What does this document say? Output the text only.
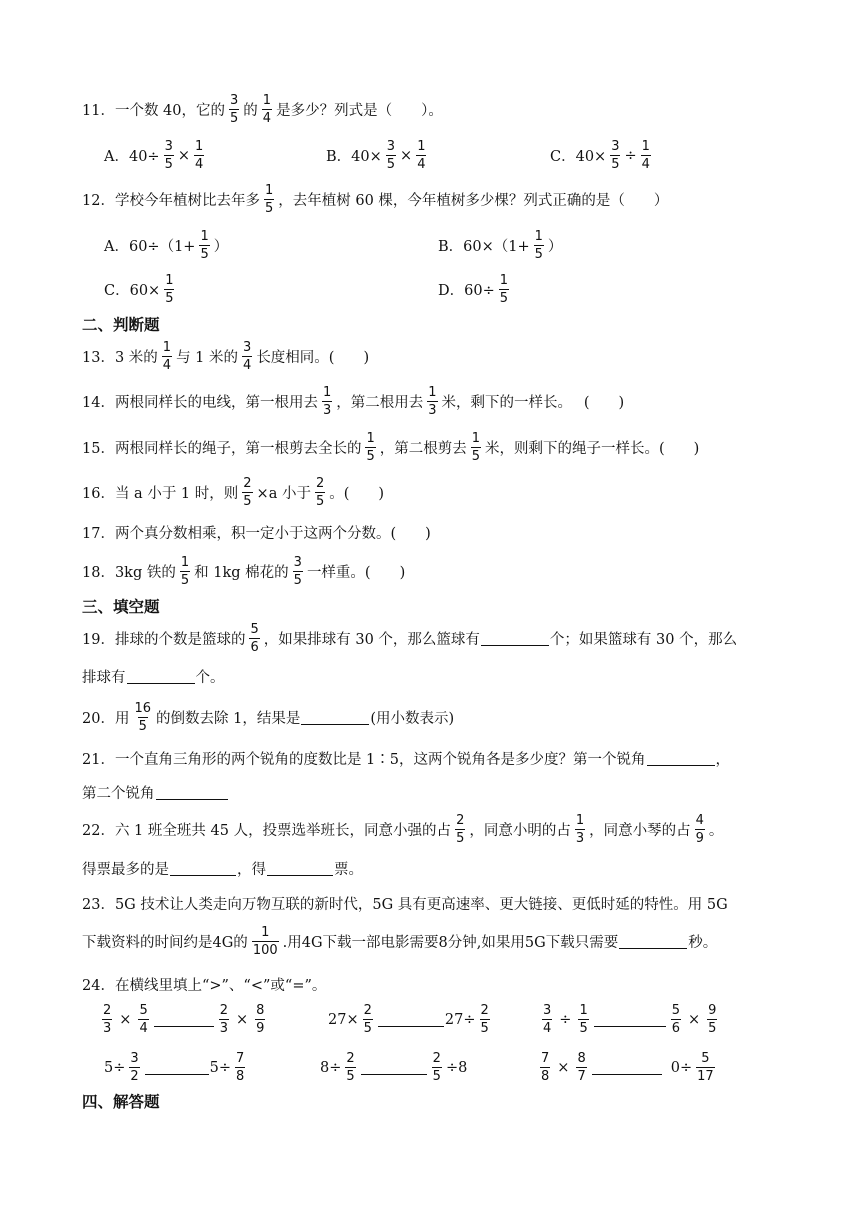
11．一个数 40，它的 $\frac{3}{5}$ 的 $\frac{1}{4}$ 是多少？列式是（　　）。
A．$40\div \frac{3}{5} \times \frac{1}{4}$	B．$40\times \frac{3}{5} \times \frac{1}{4}$	C．$40\times \frac{3}{5} \div \frac{1}{4}$
12．学校今年植树比去年多 $\frac{1}{5}$ ，去年植树 60 棵，今年植树多少棵？列式正确的是（　　）
A．$60\div(1+ \frac{1}{5}$ ）	B．$60\times(1+ \frac{1}{5}$ ）
C．$60\times \frac{1}{5}$	D．$60\div \frac{1}{5}$
二、判断题
13．3 米的 $\frac{1}{4}$ 与 1 米的 $\frac{3}{4}$ 长度相同。(　　)
14．两根同样长的电线，第一根用去 $\frac{1}{3}$ ，第二根用去 $\frac{1}{3}$ 米，剩下的一样长。　 (　　)
15．两根同样长的绳子，第一根剪去全长的 $\frac{1}{5}$ ，第二根剪去 $\frac{1}{5}$ 米，则剩下的绳子一样长。(　　)
16．当 a 小于 1 时，则 $\frac{2}{5} \times a$ 小于 $\frac{2}{5}$ 。(　　)
17．两个真分数相乘，积一定小于这两个分数。(　　)
18．3kg 铁的 $\frac{1}{5}$ 和 1kg 棉花的 $\frac{3}{5}$ 一样重。(　　)
三、填空题
19．排球的个数是篮球的 $\frac{5}{6}$ ，如果排球有 30 个，那么篮球有	个；如果篮球有 30 个，那么
排球有	个。
20．用 $\frac{16}{5}$ 的倒数去除 1，结果是	(用小数表示)
21．一个直角三角形的两个锐角的度数比是 1∶5，这两个锐角各是多少度？第一个锐角	，
第二个锐角
22．六 1 班全班共 45 人，投票选举班长，同意小强的占 $\frac{2}{5}$ ，同意小明的占 $\frac{1}{3}$ ，同意小琴的占 $\frac{4}{9}$ 。
得票最多的是	，得	票。
23．5G 技术让人类走向万物互联的新时代，5G 具有更高速率、更大链接、更低时延的特性。用 5G
下载资料的时间约是4G的 $\frac{1}{100}$ .用4G下载一部电影需要8分钟,如果用5G下载只需要	秒。
24．在横线里填上“>”、“<”或“=”。
$\frac{2}{3} \times \frac{5}{4}$	$\frac{2}{3} \times \frac{8}{9}$	$27\times \frac{2}{5}$	$27\div \frac{2}{5}$	$\frac{3}{4} \div \frac{1}{5}$	$\frac{5}{6} \times \frac{9}{5}$
$5\div \frac{3}{2}$	$5\div \frac{7}{8}$	$8\div \frac{2}{5}$	$\frac{2}{5} \div 8$	$\frac{7}{8} \times \frac{8}{7}$	$0\div \frac{5}{17}$
四、解答题
